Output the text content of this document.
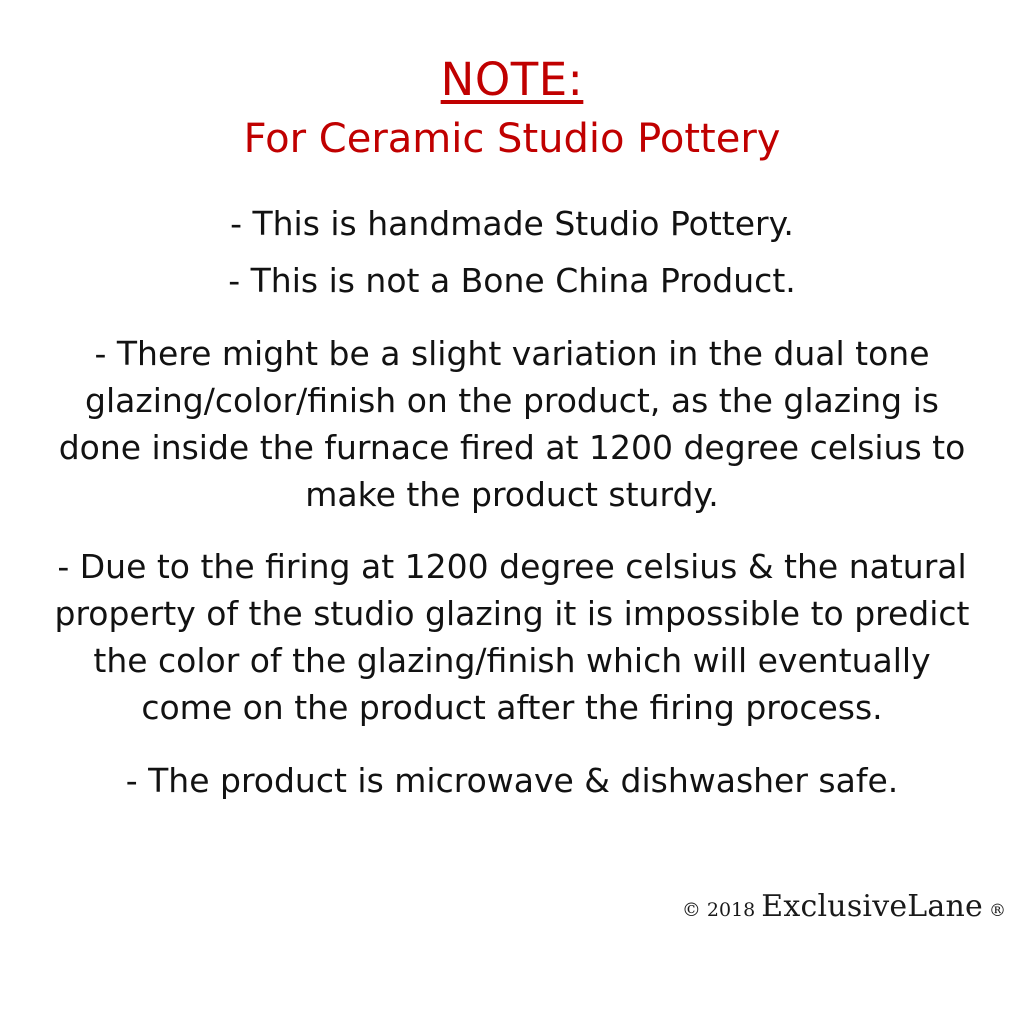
NOTE:
For Ceramic Studio Pottery

- This is handmade Studio Pottery.

- This is not a Bone China Product.

- There might be a slight variation in the dual tone glazing/color/finish on the product, as the glazing is done inside the furnace fired at 1200 degree celsius to make the product sturdy.

- Due to the firing at 1200 degree celsius & the natural property of the studio glazing it is impossible to predict the color of the glazing/finish which will eventually come on the product after the firing process.

- The product is microwave & dishwasher safe.

© 2018 ExclusiveLane ®
